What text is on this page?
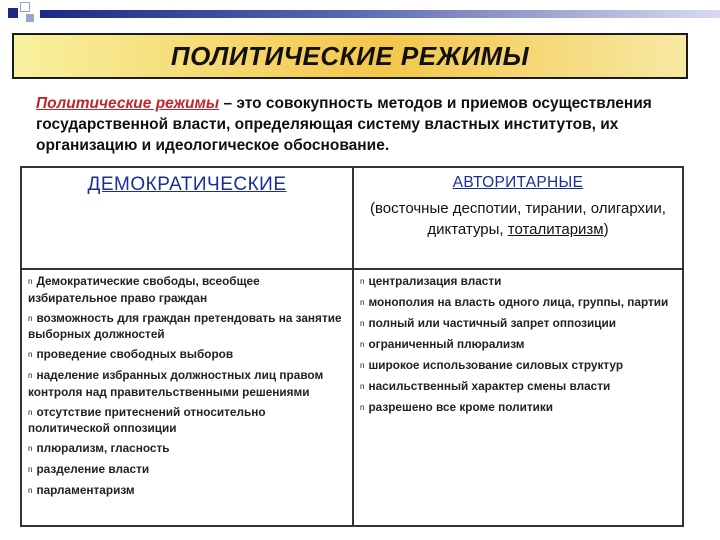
ПОЛИТИЧЕСКИЕ РЕЖИМЫ
Политические режимы – это совокупность методов и приемов осуществления государственной власти, определяющая систему властных институтов, их организацию и идеологическое обоснование.
ДЕМОКРАТИЧЕСКИЕ	АВТОРИТАРНЫЕ
(восточные деспотии, тирании, олигархии, диктатуры, тоталитаризм)
n Демократические свободы, всеобщее избирательное право граждан
n возможность для граждан претендовать на занятие выборных должностей
n проведение свободных выборов
n наделение избранных должностных лиц правом контроля над правительственными решениями
n отсутствие притеснений относительно политической оппозиции
n плюрализм, гласность
n разделение власти
n парламентаризм
n централизация власти
n монополия на власть одного лица, группы, партии
n полный или частичный запрет оппозиции
n ограниченный плюрализм
n широкое использование силовых структур
n насильственный характер смены власти
n разрешено все кроме политики
